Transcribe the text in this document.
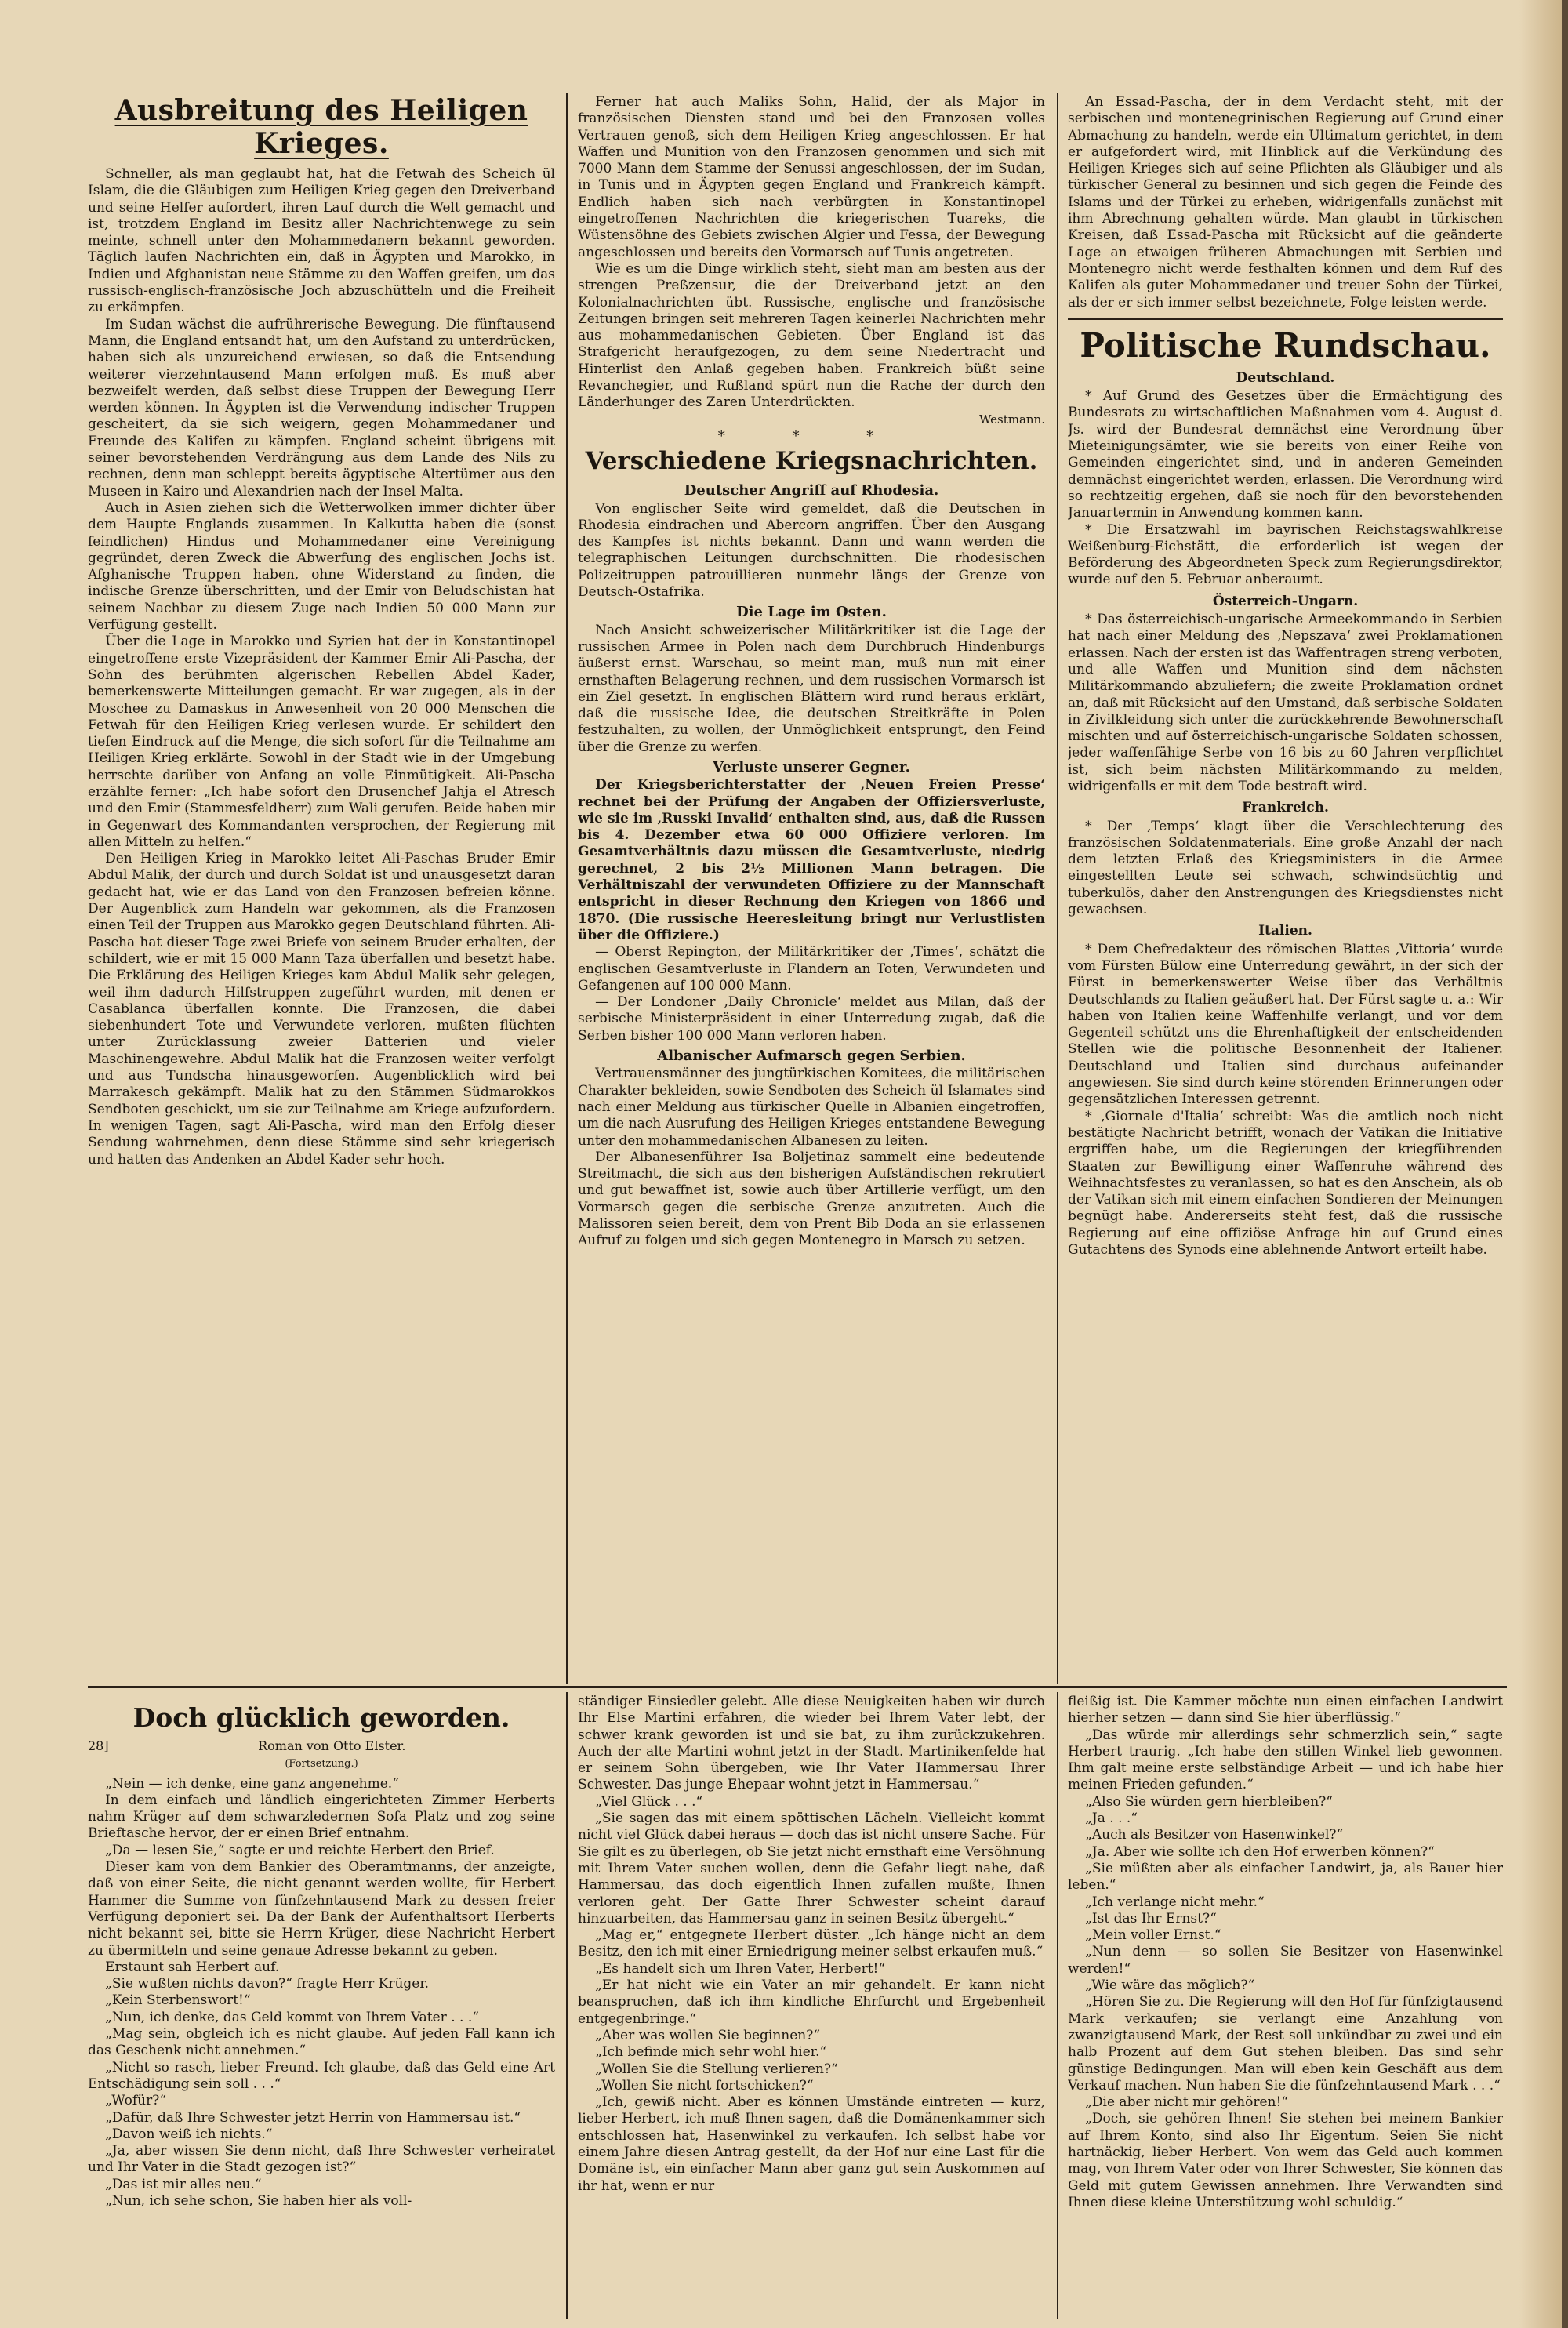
Ausbreitung des Heiligen Krieges.

Schneller, als man geglaubt hat, hat die Fetwah des Scheich ül Islam, die die Gläubigen zum Heiligen Krieg gegen den Dreiverband und seine Helfer aufordert, ihren Lauf durch die Welt gemacht und ist, trotzdem England im Besitz aller Nachrichtenwege zu sein meinte, schnell unter den Mohammedanern bekannt geworden. Täglich laufen Nachrichten ein, daß in Ägypten und Marokko, in Indien und Afghanistan neue Stämme zu den Waffen greifen, um das russisch-englisch-französische Joch abzuschütteln und die Freiheit zu erkämpfen.

Im Sudan wächst die aufrührerische Bewegung. Die fünftausend Mann, die England entsandt hat, um den Aufstand zu unterdrücken, haben sich als unzureichend erwiesen, so daß die Entsendung weiterer vierzehntausend Mann erfolgen muß. Es muß aber bezweifelt werden, daß selbst diese Truppen der Bewegung Herr werden können. In Ägypten ist die Verwendung indischer Truppen gescheitert, da sie sich weigern, gegen Mohammedaner und Freunde des Kalifen zu kämpfen. England scheint übrigens mit seiner bevorstehenden Verdrängung aus dem Lande des Nils zu rechnen, denn man schleppt bereits ägyptische Altertümer aus den Museen in Kairo und Alexandrien nach der Insel Malta.

Auch in Asien ziehen sich die Wetterwolken immer dichter über dem Haupte Englands zusammen. In Kalkutta haben die (sonst feindlichen) Hindus und Mohammedaner eine Vereinigung gegründet, deren Zweck die Abwerfung des englischen Jochs ist. Afghanische Truppen haben, ohne Widerstand zu finden, die indische Grenze überschritten, und der Emir von Beludschistan hat seinem Nachbar zu diesem Zuge nach Indien 50 000 Mann zur Verfügung gestellt.

Über die Lage in Marokko und Syrien hat der in Konstantinopel eingetroffene erste Vizepräsident der Kammer Emir Ali-Pascha, der Sohn des berühmten algerischen Rebellen Abdel Kader, bemerkenswerte Mitteilungen gemacht. Er war zugegen, als in der Moschee zu Damaskus in Anwesenheit von 20 000 Menschen die Fetwah für den Heiligen Krieg verlesen wurde. Er schildert den tiefen Eindruck auf die Menge, die sich sofort für die Teilnahme am Heiligen Krieg erklärte. Sowohl in der Stadt wie in der Umgebung herrschte darüber von Anfang an volle Einmütigkeit. Ali-Pascha erzählte ferner: „Ich habe sofort den Drusenchef Jahja el Atresch und den Emir (Stammesfeldherr) zum Wali gerufen. Beide haben mir in Gegenwart des Kommandanten versprochen, der Regierung mit allen Mitteln zu helfen.“

Den Heiligen Krieg in Marokko leitet Ali-Paschas Bruder Emir Abdul Malik, der durch und durch Soldat ist und unausgesetzt daran gedacht hat, wie er das Land von den Franzosen befreien könne. Der Augenblick zum Handeln war gekommen, als die Franzosen einen Teil der Truppen aus Marokko gegen Deutschland führten. Ali-Pascha hat dieser Tage zwei Briefe von seinem Bruder erhalten, der schildert, wie er mit 15 000 Mann Taza überfallen und besetzt habe. Die Erklärung des Heiligen Krieges kam Abdul Malik sehr gelegen, weil ihm dadurch Hilfstruppen zugeführt wurden, mit denen er Casablanca überfallen konnte. Die Franzosen, die dabei siebenhundert Tote und Verwundete verloren, mußten flüchten unter Zurücklassung zweier Batterien und vieler Maschinengewehre. Abdul Malik hat die Franzosen weiter verfolgt und aus Tundscha hinausgeworfen. Augenblicklich wird bei Marrakesch gekämpft. Malik hat zu den Stämmen Südmarokkos Sendboten geschickt, um sie zur Teilnahme am Kriege aufzufordern. In wenigen Tagen, sagt Ali-Pascha, wird man den Erfolg dieser Sendung wahrnehmen, denn diese Stämme sind sehr kriegerisch und hatten das Andenken an Abdel Kader sehr hoch.

Ferner hat auch Maliks Sohn, Halid, der als Major in französischen Diensten stand und bei den Franzosen volles Vertrauen genoß, sich dem Heiligen Krieg angeschlossen. Er hat Waffen und Munition von den Franzosen genommen und sich mit 7000 Mann dem Stamme der Senussi angeschlossen, der im Sudan, in Tunis und in Ägypten gegen England und Frankreich kämpft. Endlich haben sich nach verbürgten in Konstantinopel eingetroffenen Nachrichten die kriegerischen Tuareks, die Wüstensöhne des Gebiets zwischen Algier und Fessa, der Bewegung angeschlossen und bereits den Vormarsch auf Tunis angetreten.

Wie es um die Dinge wirklich steht, sieht man am besten aus der strengen Preßzensur, die der Dreiverband jetzt an den Kolonialnachrichten übt. Russische, englische und französische Zeitungen bringen seit mehreren Tagen keinerlei Nachrichten mehr aus mohammedanischen Gebieten. Über England ist das Strafgericht heraufgezogen, zu dem seine Niedertracht und Hinterlist den Anlaß gegeben haben. Frankreich büßt seine Revanchegier, und Rußland spürt nun die Rache der durch den Länderhunger des Zaren Unterdrückten.

Westmann.

* * *

Verschiedene Kriegsnachrichten.
Deutscher Angriff auf Rhodesia.

Von englischer Seite wird gemeldet, daß die Deutschen in Rhodesia eindrachen und Abercorn angriffen. Über den Ausgang des Kampfes ist nichts bekannt. Dann und wann werden die telegraphischen Leitungen durchschnitten. Die rhodesischen Polizeitruppen patrouillieren nunmehr längs der Grenze von Deutsch-Ostafrika.

Die Lage im Osten.

Nach Ansicht schweizerischer Militärkritiker ist die Lage der russischen Armee in Polen nach dem Durchbruch Hindenburgs äußerst ernst. Warschau, so meint man, muß nun mit einer ernsthaften Belagerung rechnen, und dem russischen Vormarsch ist ein Ziel gesetzt. In englischen Blättern wird rund heraus erklärt, daß die russische Idee, die deutschen Streitkräfte in Polen festzuhalten, zu wollen, der Unmöglichkeit entsprungt, den Feind über die Grenze zu werfen.

Verluste unserer Gegner.

Der Kriegsberichterstatter der ‚Neuen Freien Presse‘ rechnet bei der Prüfung der Angaben der Offiziersverluste, wie sie im ‚Russki Invalid‘ enthalten sind, aus, daß die Russen bis 4. Dezember etwa 60 000 Offiziere verloren. Im Gesamtverhältnis dazu müssen die Gesamtverluste, niedrig gerechnet, 2 bis 2½ Millionen Mann betragen. Die Verhältniszahl der verwundeten Offiziere zu der Mannschaft entspricht in dieser Rechnung den Kriegen von 1866 und 1870. (Die russische Heeresleitung bringt nur Verlustlisten über die Offiziere.)

— Oberst Repington, der Militärkritiker der ‚Times‘, schätzt die englischen Gesamtverluste in Flandern an Toten, Verwundeten und Gefangenen auf 100 000 Mann.

— Der Londoner ‚Daily Chronicle‘ meldet aus Milan, daß der serbische Ministerpräsident in einer Unterredung zugab, daß die Serben bisher 100 000 Mann verloren haben.

Albanischer Aufmarsch gegen Serbien.

Vertrauensmänner des jungtürkischen Komitees, die militärischen Charakter bekleiden, sowie Sendboten des Scheich ül Islamates sind nach einer Meldung aus türkischer Quelle in Albanien eingetroffen, um die nach Ausrufung des Heiligen Krieges entstandene Bewegung unter den mohammedanischen Albanesen zu leiten.

Der Albanesenführer Isa Boljetinaz sammelt eine bedeutende Streitmacht, die sich aus den bisherigen Aufständischen rekrutiert und gut bewaffnet ist, sowie auch über Artillerie verfügt, um den Vormarsch gegen die serbische Grenze anzutreten. Auch die Malissoren seien bereit, dem von Prent Bib Doda an sie erlassenen Aufruf zu folgen und sich gegen Montenegro in Marsch zu setzen.

An Essad-Pascha, der in dem Verdacht steht, mit der serbischen und montenegrinischen Regierung auf Grund einer Abmachung zu handeln, werde ein Ultimatum gerichtet, in dem er aufgefordert wird, mit Hinblick auf die Verkündung des Heiligen Krieges sich auf seine Pflichten als Gläubiger und als türkischer General zu besinnen und sich gegen die Feinde des Islams und der Türkei zu erheben, widrigenfalls zunächst mit ihm Abrechnung gehalten würde. Man glaubt in türkischen Kreisen, daß Essad-Pascha mit Rücksicht auf die geänderte Lage an etwaigen früheren Abmachungen mit Serbien und Montenegro nicht werde festhalten können und dem Ruf des Kalifen als guter Mohammedaner und treuer Sohn der Türkei, als der er sich immer selbst bezeichnete, Folge leisten werde.

Politische Rundschau.
Deutschland.

* Auf Grund des Gesetzes über die Ermächtigung des Bundesrats zu wirtschaftlichen Maßnahmen vom 4. August d. Js. wird der Bundesrat demnächst eine Verordnung über Mieteinigungsämter, wie sie bereits von einer Reihe von Gemeinden eingerichtet sind, und in anderen Gemeinden demnächst eingerichtet werden, erlassen. Die Verordnung wird so rechtzeitig ergehen, daß sie noch für den bevorstehenden Januartermin in Anwendung kommen kann.

* Die Ersatzwahl im bayrischen Reichstagswahlkreise Weißenburg-Eichstätt, die erforderlich ist wegen der Beförderung des Abgeordneten Speck zum Regierungsdirektor, wurde auf den 5. Februar anberaumt.

Österreich-Ungarn.

* Das österreichisch-ungarische Armeekommando in Serbien hat nach einer Meldung des ‚Nepszava‘ zwei Proklamationen erlassen. Nach der ersten ist das Waffentragen streng verboten, und alle Waffen und Munition sind dem nächsten Militärkommando abzuliefern; die zweite Proklamation ordnet an, daß mit Rücksicht auf den Umstand, daß serbische Soldaten in Zivilkleidung sich unter die zurückkehrende Bewohnerschaft mischten und auf österreichisch-ungarische Soldaten schossen, jeder waffenfähige Serbe von 16 bis zu 60 Jahren verpflichtet ist, sich beim nächsten Militärkommando zu melden, widrigenfalls er mit dem Tode bestraft wird.

Frankreich.

* Der ‚Temps‘ klagt über die Verschlechterung des französischen Soldatenmaterials. Eine große Anzahl der nach dem letzten Erlaß des Kriegsministers in die Armee eingestellten Leute sei schwach, schwindsüchtig und tuberkulös, daher den Anstrengungen des Kriegsdienstes nicht gewachsen.

Italien.

* Dem Chefredakteur des römischen Blattes ‚Vittoria‘ wurde vom Fürsten Bülow eine Unterredung gewährt, in der sich der Fürst in bemerkenswerter Weise über das Verhältnis Deutschlands zu Italien geäußert hat. Der Fürst sagte u. a.: Wir haben von Italien keine Waffenhilfe verlangt, und vor dem Gegenteil schützt uns die Ehrenhaftigkeit der entscheidenden Stellen wie die politische Besonnenheit der Italiener. Deutschland und Italien sind durchaus aufeinander angewiesen. Sie sind durch keine störenden Erinnerungen oder gegensätzlichen Interessen getrennt.

* ‚Giornale d'Italia‘ schreibt: Was die amtlich noch nicht bestätigte Nachricht betrifft, wonach der Vatikan die Initiative ergriffen habe, um die Regierungen der kriegführenden Staaten zur Bewilligung einer Waffenruhe während des Weihnachtsfestes zu veranlassen, so hat es den Anschein, als ob der Vatikan sich mit einem einfachen Sondieren der Meinungen begnügt habe. Andererseits steht fest, daß die russische Regierung auf eine offiziöse Anfrage hin auf Grund eines Gutachtens des Synods eine ablehnende Antwort erteilt habe.

Doch glücklich geworden.
28]	Roman von Otto Elster.
(Fortsetzung.)

„Nein — ich denke, eine ganz angenehme.“

In dem einfach und ländlich eingerichteten Zimmer Herberts nahm Krüger auf dem schwarzledernen Sofa Platz und zog seine Brieftasche hervor, der er einen Brief entnahm.

„Da — lesen Sie,“ sagte er und reichte Herbert den Brief.

Dieser kam von dem Bankier des Oberamtmanns, der anzeigte, daß von einer Seite, die nicht genannt werden wollte, für Herbert Hammer die Summe von fünfzehntausend Mark zu dessen freier Verfügung deponiert sei. Da der Bank der Aufenthaltsort Herberts nicht bekannt sei, bitte sie Herrn Krüger, diese Nachricht Herbert zu übermitteln und seine genaue Adresse bekannt zu geben.

Erstaunt sah Herbert auf.

„Sie wußten nichts davon?“ fragte Herr Krüger.

„Kein Sterbenswort!“

„Nun, ich denke, das Geld kommt von Ihrem Vater . . .“

„Mag sein, obgleich ich es nicht glaube. Auf jeden Fall kann ich das Geschenk nicht annehmen.“

„Nicht so rasch, lieber Freund. Ich glaube, daß das Geld eine Art Entschädigung sein soll . . .“

„Wofür?“

„Dafür, daß Ihre Schwester jetzt Herrin von Hammersau ist.“

„Davon weiß ich nichts.“

„Ja, aber wissen Sie denn nicht, daß Ihre Schwester verheiratet und Ihr Vater in die Stadt gezogen ist?“

„Das ist mir alles neu.“

„Nun, ich sehe schon, Sie haben hier als voll-

ständiger Einsiedler gelebt. Alle diese Neuigkeiten haben wir durch Ihr Else Martini erfahren, die wieder bei Ihrem Vater lebt, der schwer krank geworden ist und sie bat, zu ihm zurückzukehren. Auch der alte Martini wohnt jetzt in der Stadt. Martinikenfelde hat er seinem Sohn übergeben, wie Ihr Vater Hammersau Ihrer Schwester. Das junge Ehepaar wohnt jetzt in Hammersau.“

„Viel Glück . . .“

„Sie sagen das mit einem spöttischen Lächeln. Vielleicht kommt nicht viel Glück dabei heraus — doch das ist nicht unsere Sache. Für Sie gilt es zu überlegen, ob Sie jetzt nicht ernsthaft eine Versöhnung mit Ihrem Vater suchen wollen, denn die Gefahr liegt nahe, daß Hammersau, das doch eigentlich Ihnen zufallen mußte, Ihnen verloren geht. Der Gatte Ihrer Schwester scheint darauf hinzuarbeiten, das Hammersau ganz in seinen Besitz übergeht.“

„Mag er,“ entgegnete Herbert düster. „Ich hänge nicht an dem Besitz, den ich mit einer Erniedrigung meiner selbst erkaufen muß.“

„Es handelt sich um Ihren Vater, Herbert!“

„Er hat nicht wie ein Vater an mir gehandelt. Er kann nicht beanspruchen, daß ich ihm kindliche Ehrfurcht und Ergebenheit entgegenbringe.“

„Aber was wollen Sie beginnen?“

„Ich befinde mich sehr wohl hier.“

„Wollen Sie die Stellung verlieren?“

„Wollen Sie nicht fortschicken?“

„Ich, gewiß nicht. Aber es können Umstände eintreten — kurz, lieber Herbert, ich muß Ihnen sagen, daß die Domänenkammer sich entschlossen hat, Hasenwinkel zu verkaufen. Ich selbst habe vor einem Jahre diesen Antrag gestellt, da der Hof nur eine Last für die Domäne ist, ein einfacher Mann aber ganz gut sein Auskommen auf ihr hat, wenn er nur

fleißig ist. Die Kammer möchte nun einen einfachen Landwirt hierher setzen — dann sind Sie hier überflüssig.“

„Das würde mir allerdings sehr schmerzlich sein,“ sagte Herbert traurig. „Ich habe den stillen Winkel lieb gewonnen. Ihm galt meine erste selbständige Arbeit — und ich habe hier meinen Frieden gefunden.“

„Also Sie würden gern hierbleiben?“

„Ja . . .“

„Auch als Besitzer von Hasenwinkel?“

„Ja. Aber wie sollte ich den Hof erwerben können?“

„Sie müßten aber als einfacher Landwirt, ja, als Bauer hier leben.“

„Ich verlange nicht mehr.“

„Ist das Ihr Ernst?“

„Mein voller Ernst.“

„Nun denn — so sollen Sie Besitzer von Hasenwinkel werden!“

„Wie wäre das möglich?“

„Hören Sie zu. Die Regierung will den Hof für fünfzigtausend Mark verkaufen; sie verlangt eine Anzahlung von zwanzigtausend Mark, der Rest soll unkündbar zu zwei und ein halb Prozent auf dem Gut stehen bleiben. Das sind sehr günstige Bedingungen. Man will eben kein Geschäft aus dem Verkauf machen. Nun haben Sie die fünfzehntausend Mark . . .“

„Die aber nicht mir gehören!“

„Doch, sie gehören Ihnen! Sie stehen bei meinem Bankier auf Ihrem Konto, sind also Ihr Eigentum. Seien Sie nicht hartnäckig, lieber Herbert. Von wem das Geld auch kommen mag, von Ihrem Vater oder von Ihrer Schwester, Sie können das Geld mit gutem Gewissen annehmen. Ihre Verwandten sind Ihnen diese kleine Unterstützung wohl schuldig.“
